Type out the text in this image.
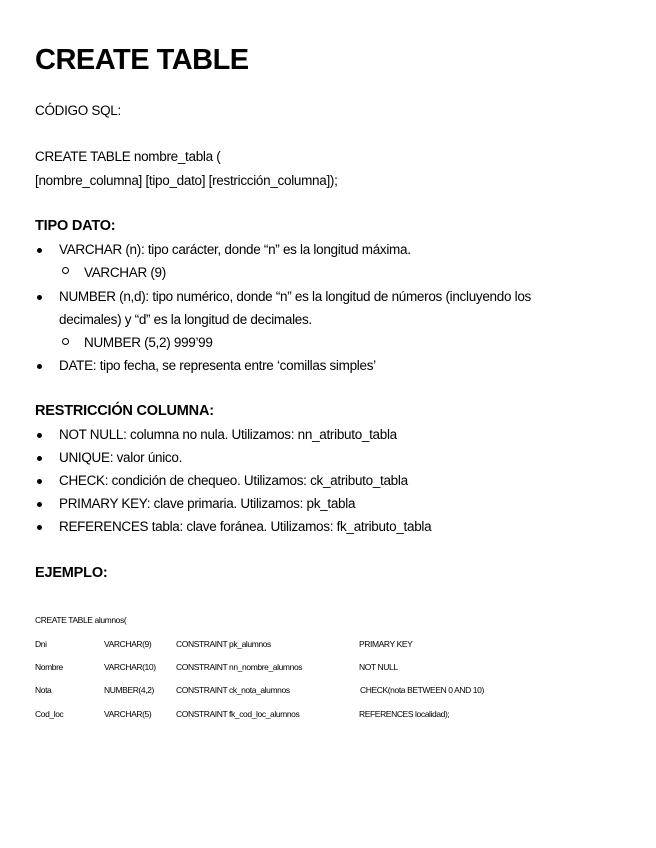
CREATE TABLE
CÓDIGO SQL:
CREATE TABLE nombre_tabla (
[nombre_columna] [tipo_dato] [restricción_columna]);
TIPO DATO:
VARCHAR (n): tipo carácter, donde “n” es la longitud máxima.
VARCHAR (9)
NUMBER (n,d): tipo numérico, donde “n” es la longitud de números (incluyendo los
decimales) y “d” es la longitud de decimales.
NUMBER (5,2) 999’99
DATE: tipo fecha, se representa entre ‘comillas simples’
RESTRICCIÓN COLUMNA:
NOT NULL: columna no nula. Utilizamos: nn_atributo_tabla
UNIQUE: valor único.
CHECK: condición de chequeo. Utilizamos: ck_atributo_tabla
PRIMARY KEY: clave primaria. Utilizamos: pk_tabla
REFERENCES tabla: clave foránea. Utilizamos: fk_atributo_tabla
EJEMPLO:
CREATE TABLE alumnos(
Dni	VARCHAR(9)	CONSTRAINT pk_alumnos	PRIMARY KEY
Nombre	VARCHAR(10) CONSTRAINT nn_nombre_alumnos	NOT NULL
Nota	NUMBER(4,2)	CONSTRAINT ck_nota_alumnos	CHECK(nota BETWEEN 0 AND 10)
Cod_loc	VARCHAR(5)	CONSTRAINT fk_cod_loc_alumnos	REFERENCES localidad);
